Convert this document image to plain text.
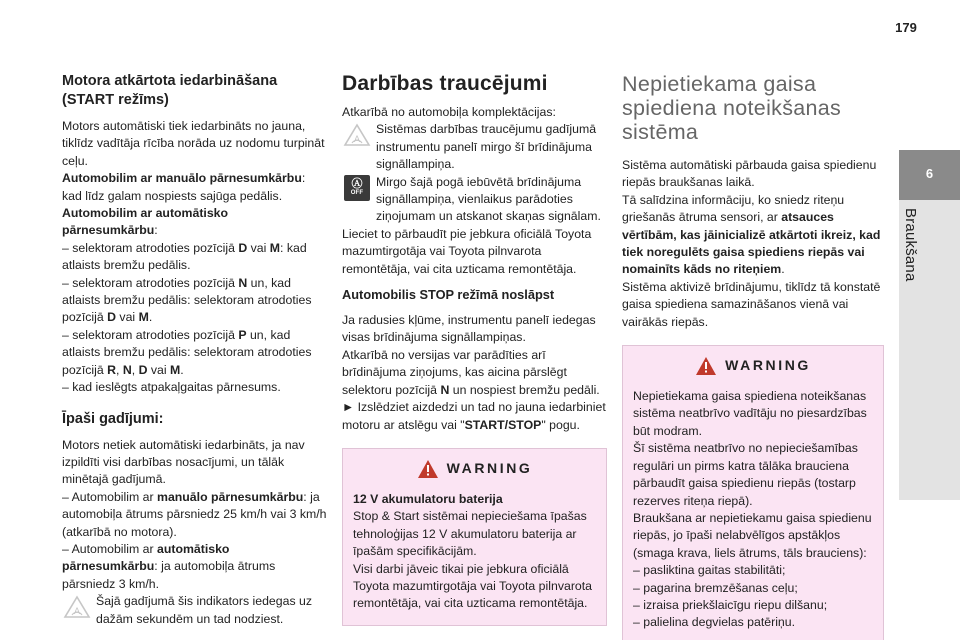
179
6
Braukšana
Motora atkārtota iedarbināšana (START režīms)

Motors automātiski tiek iedarbināts no jauna, tiklīdz vadītāja rīcība norāda uz nodomu turpināt ceļu.

Automobilim ar manuālo pārnesumkārbu: kad līdz galam nospiests sajūga pedālis.

Automobilim ar automātisko pārnesumkārbu:

– selektoram atrodoties pozīcijā D vai M: kad atlaists bremžu pedālis.

– selektoram atrodoties pozīcijā N un, kad atlaists bremžu pedālis: selektoram atrodoties pozīcijā D vai M.

– selektoram atrodoties pozīcijā P un, kad atlaists bremžu pedālis: selektoram atrodoties pozīcijā R, N, D vai M.

– kad ieslēgts atpakaļgaitas pārnesums.

Īpaši gadījumi:

Motors netiek automātiski iedarbināts, ja nav izpildīti visi darbības nosacījumi, un tālāk minētajā gadījumā.

– Automobilim ar manuālo pārnesumkārbu: ja automobiļa ātrums pārsniedz 25 km/h vai 3 km/h (atkarībā no motora).

– Automobilim ar automātisko pārnesumkārbu: ja automobiļa ātrums pārsniedz 3 km/h.

A
Šajā gadījumā šis indikators iedegas uz dažām sekundēm un tad nodziest.
Darbības traucējumi

Atkarībā no automobiļa komplektācijas:

A
Sistēmas darbības traucējumu gadījumā instrumentu panelī mirgo šī brīdinājuma signāllampiņa.
Ⓐ
OFF
Mirgo šajā pogā iebūvētā brīdinājuma signāllampiņa, vienlaikus parādoties ziņojumam un atskanot skaņas signālam.

Lieciet to pārbaudīt pie jebkura oficiālā Toyota mazumtirgotāja vai Toyota pilnvarota remontētāja, vai cita uzticama remontētāja.

Automobilis STOP režīmā noslāpst

Ja radusies kļūme, instrumentu panelī iedegas visas brīdinājuma signāllampiņas.

Atkarībā no versijas var parādīties arī brīdinājuma ziņojums, kas aicina pārslēgt selektoru pozīcijā N un nospiest bremžu pedāli.

► Izslēdziet aizdedzi un tad no jauna iedarbiniet motoru ar atslēgu vai "START/STOP" pogu.

WARNING

12 V akumulatoru baterija

Stop & Start sistēmai nepieciešama īpašas tehnoloģijas 12 V akumulatoru baterija ar īpašām specifikācijām.
Visi darbi jāveic tikai pie jebkura oficiālā Toyota mazumtirgotāja vai Toyota pilnvarota remontētāja, vai cita uzticama remontētāja.

Nepietiekama gaisa spiediena noteikšanas sistēma

Sistēma automātiski pārbauda gaisa spiedienu riepās braukšanas laikā.

Tā salīdzina informāciju, ko sniedz riteņu griešanās ātruma sensori, ar atsauces vērtībām, kas jāinicializē atkārtoti ikreiz, kad tiek noregulēts gaisa spiediens riepās vai nomainīts kāds no riteņiem.

Sistēma aktivizē brīdinājumu, tiklīdz tā konstatē gaisa spiediena samazināšanos vienā vai vairākās riepās.

WARNING

Nepietiekama gaisa spiediena noteikšanas sistēma neatbrīvo vadītāju no piesardzības būt modram.

Šī sistēma neatbrīvo no nepieciešamības regulāri un pirms katra tālāka brauciena pārbaudīt gaisa spiedienu riepās (tostarp rezerves riteņa riepā).

Braukšana ar nepietiekamu gaisa spiedienu riepās, jo īpaši nelabvēlīgos apstākļos (smaga krava, liels ātrums, tāls brauciens):

– pasliktina gaitas stabilitāti;

– pagarina bremzēšanas ceļu;

– izraisa priekšlaicīgu riepu dilšanu;

– palielina degvielas patēriņu.
